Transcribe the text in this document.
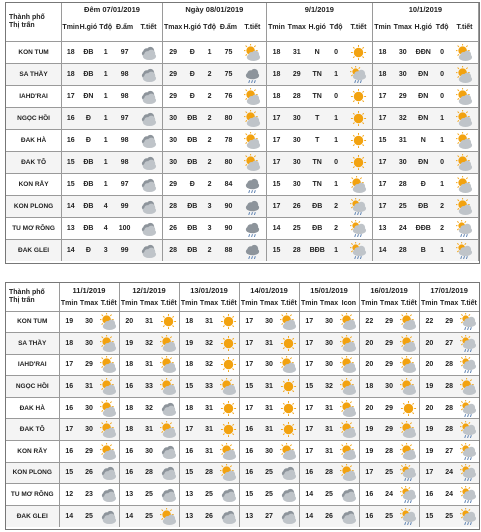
Thành phố
Thị trấn	Đêm 07/01/2019					Ngày 08/01/2019					9/1/2019					10/1/2019				
	Tmin	H.gió	Tđộ	Đ.ẩm	T.tiết	Tmax	H.gió	Tđộ	Đ.ẩm	T.tiết	Tmin	Tmax	H.gió	Tđộ	T.tiết	Tmin	Tmax	H.gió	Tđộ	T.tiết
KON TUM	18	ĐB	1	97		29	Đ	1	75		18	31	N	0		18	30	ĐĐN	0	
SA THẦY	18	ĐB	1	98		29	Đ	2	75		18	29	TN	1		18	30	ĐN	0	
IAHD'RAI	17	ĐN	1	98		29	Đ	2	76		18	28	TN	0		17	29	ĐN	0	
NGỌC HỒI	16	Đ	1	97		30	ĐB	2	80		17	30	T	1		17	32	ĐN	1	
ĐAK HÀ	16	Đ	1	98		30	ĐB	2	78		17	30	T	1		15	31	N	1	
ĐAK TÔ	15	ĐB	1	98		30	ĐB	2	80		17	30	TN	0		17	30	ĐN	0	
KON RẪY	15	ĐB	1	97		29	Đ	2	84		15	30	TN	1		17	28	Đ	1	
KON PLONG	14	ĐB	4	99		28	ĐB	3	90		17	26	ĐB	2		17	25	ĐB	2	
TU MƠ RÔNG	13	ĐB	4	100		26	ĐB	3	90		14	25	ĐB	2		13	24	ĐĐB	2	
ĐAK GLEI	14	Đ	3	99		28	ĐB	2	88		15	28	BĐB	1		14	28	B	1	
Thành phố
Thị trấn	11/1/2019			12/1/2019			13/01/2019			14/01/2019			15/01/2019			16/01/2019			17/01/2019		
	Tmin	Tmax	T.tiết	Tmin	Tmax	T.tiết	Tmin	Tmax	T.tiết	Tmin	Tmax	T.tiết	Tmin	Tmax	Icon	Tmin	Tmax	T.tiết	Tmin	Tmax	T.tiết
KON TUM	19	30		20	31		18	31		17	30		17	30		22	29		22	29	
SA THẦY	18	30		19	32		19	32		17	31		17	30		20	29		20	27	
IAHD'RAI	17	29		18	31		18	32		17	30		17	30		20	29		20	28	
NGỌC HỒI	16	31		16	33		15	33		15	31		15	32		18	30		19	28	
ĐAK HÀ	16	30		18	32		18	31		17	31		17	31		20	29		20	28	
ĐAK TÔ	17	30		18	31		17	31		16	31		17	31		19	29		19	28	
KON RẪY	16	29		16	30		16	31		16	30		17	31		19	28		19	27	
KON PLONG	15	26		16	28		15	28		16	25		16	28		17	25		17	24	
TU MƠ RÔNG	12	23		13	25		13	25		15	25		14	25		16	24		16	24	
ĐAK GLEI	14	25		14	25		13	26		13	27		14	26		16	25		15	25	
